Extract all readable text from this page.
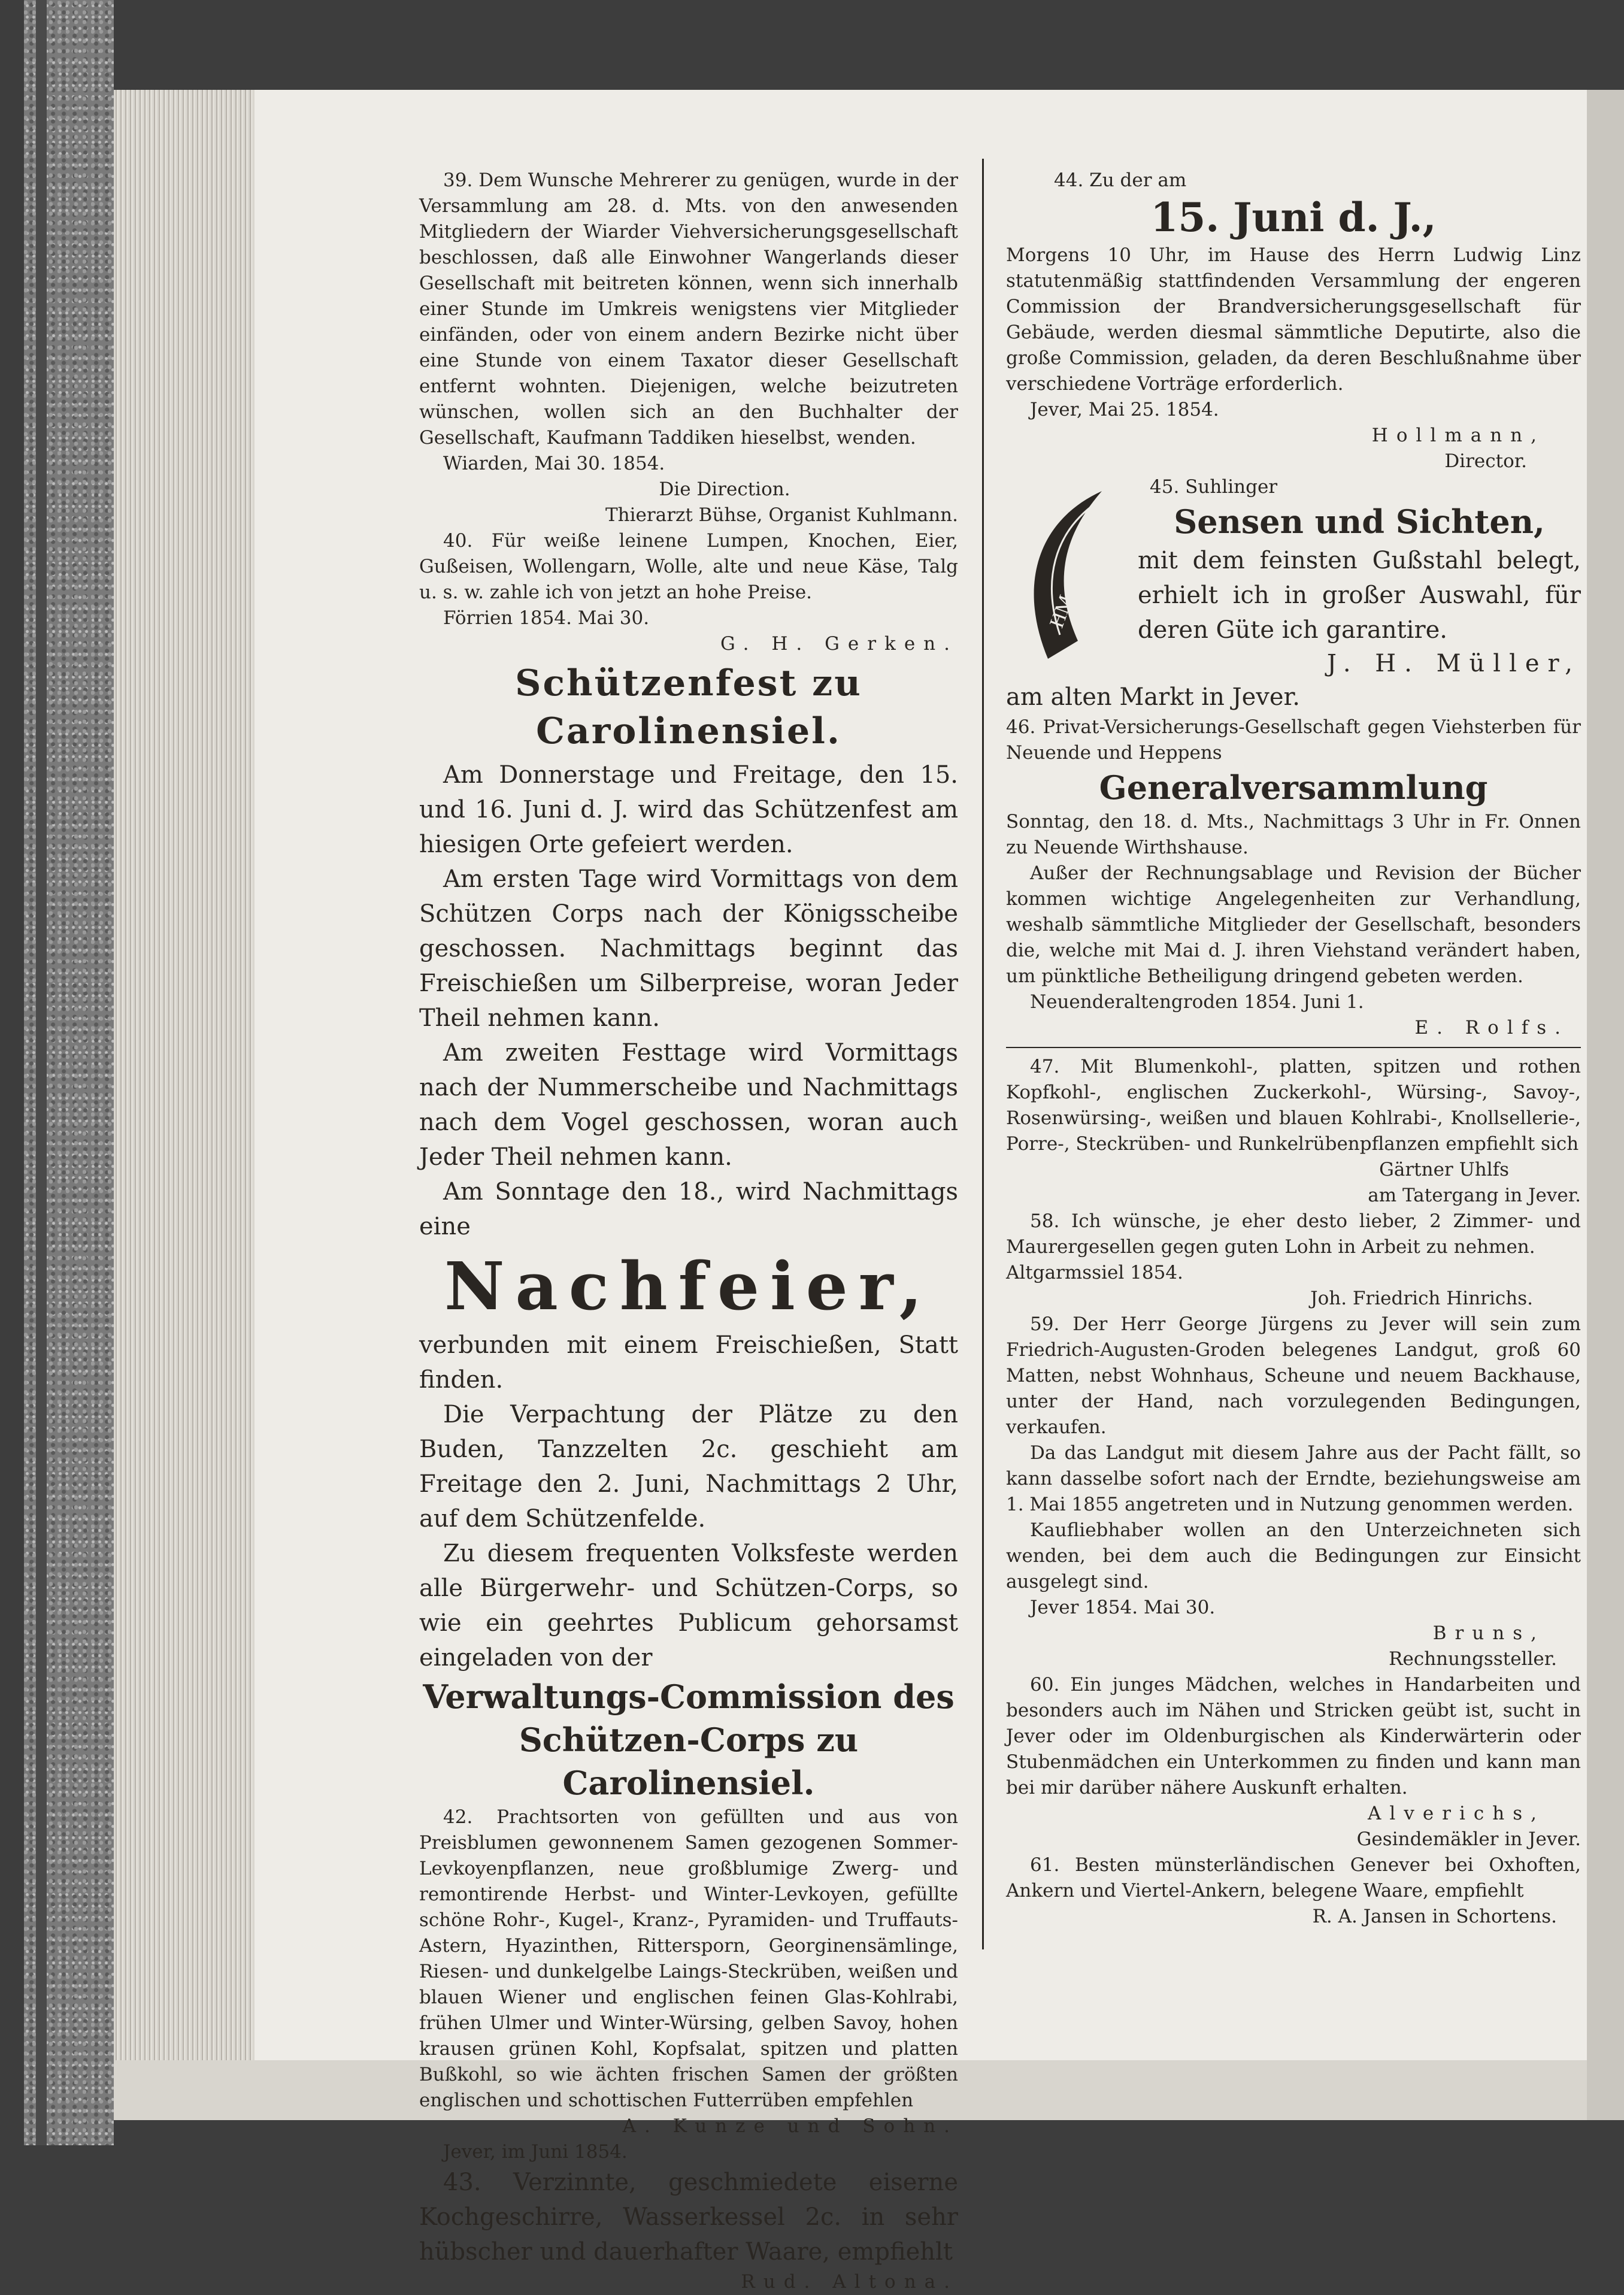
39. Dem Wunsche Mehrerer zu genügen, wurde in der Versammlung am 28. d. Mts. von den anwesenden Mitgliedern der Wiarder Viehversicherungsgesellschaft beschlossen, daß alle Einwohner Wangerlands dieser Gesellschaft mit beitreten können, wenn sich innerhalb einer Stunde im Umkreis wenigstens vier Mitglieder einfänden, oder von einem andern Bezirke nicht über eine Stunde von einem Taxator dieser Gesellschaft entfernt wohnten. Diejenigen, welche beizutreten wünschen, wollen sich an den Buchhalter der Gesellschaft, Kaufmann Taddiken hieselbst, wenden.

Wiarden, Mai 30. 1854.

Die Direction.

Thierarzt Bühse, Organist Kuhlmann.

40. Für weiße leinene Lumpen, Knochen, Eier, Gußeisen, Wollengarn, Wolle, alte und neue Käse, Talg u. s. w. zahle ich von jetzt an hohe Preise.

Förrien 1854. Mai 30.

G. H. Gerken.

Schützenfest zu Carolinensiel.

Am Donnerstage und Freitage, den 15. und 16. Juni d. J. wird das Schützenfest am hiesigen Orte gefeiert werden.

Am ersten Tage wird Vormittags von dem Schützen Corps nach der Königsscheibe geschossen. Nachmittags beginnt das Freischießen um Silberpreise, woran Jeder Theil nehmen kann.

Am zweiten Festtage wird Vormittags nach der Nummerscheibe und Nachmittags nach dem Vogel geschossen, woran auch Jeder Theil nehmen kann.

Am Sonntage den 18., wird Nachmittags eine

Nachfeier,

verbunden mit einem Freischießen, Statt finden.

Die Verpachtung der Plätze zu den Buden, Tanzzelten 2c. geschieht am Freitage den 2. Juni, Nachmittags 2 Uhr, auf dem Schützenfelde.

Zu diesem frequenten Volksfeste werden alle Bürgerwehr- und Schützen-Corps, so wie ein geehrtes Publicum gehorsamst eingeladen von der

Verwaltungs-Commission des
Schützen-Corps zu Carolinensiel.

42. Prachtsorten von gefüllten und aus von Preisblumen gewonnenem Samen gezogenen Sommer-Levkoyenpflanzen, neue großblumige Zwerg- und remontirende Herbst- und Winter-Levkoyen, gefüllte schöne Rohr-, Kugel-, Kranz-, Pyramiden- und Truffauts-Astern, Hyazinthen, Rittersporn, Georginensämlinge, Riesen- und dunkelgelbe Laings-Steckrüben, weißen und blauen Wiener und englischen feinen Glas-Kohlrabi, frühen Ulmer und Winter-Würsing, gelben Savoy, hohen krausen grünen Kohl, Kopfsalat, spitzen und platten Bußkohl, so wie ächten frischen Samen der größten englischen und schottischen Futterrüben empfehlen

A. Kunze und Sohn.

Jever, im Juni 1854.

43. Verzinnte, geschmiedete eiserne Kochgeschirre, Wasserkessel 2c. in sehr hübscher und dauerhafter Waare, empfiehlt

Rud. Altona.

HM

44. Zu der am

15. Juni d. J.,

Morgens 10 Uhr, im Hause des Herrn Ludwig Linz statutenmäßig stattfindenden Versammlung der engeren Commission der Brandversicherungsgesellschaft für Gebäude, werden diesmal sämmtliche Deputirte, also die große Commission, geladen, da deren Beschlußnahme über verschiedene Vorträge erforderlich.

Jever, Mai 25. 1854.

Hollmann,

Director.

45. Suhlinger

Sensen und Sichten,

mit dem feinsten Gußstahl belegt, erhielt ich in großer Auswahl, für deren Güte ich garantire.

J. H. Müller,

am alten Markt in Jever.

46. Privat-Versicherungs-Gesellschaft gegen Viehsterben für Neuende und Heppens

Generalversammlung

Sonntag, den 18. d. Mts., Nachmittags 3 Uhr in Fr. Onnen zu Neuende Wirthshause.

Außer der Rechnungsablage und Revision der Bücher kommen wichtige Angelegenheiten zur Verhandlung, weshalb sämmtliche Mitglieder der Gesellschaft, besonders die, welche mit Mai d. J. ihren Viehstand verändert haben, um pünktliche Betheiligung dringend gebeten werden.

Neuenderaltengroden 1854. Juni 1.

E. Rolfs.

47. Mit Blumenkohl-, platten, spitzen und rothen Kopfkohl-, englischen Zuckerkohl-, Würsing-, Savoy-, Rosenwürsing-, weißen und blauen Kohlrabi-, Knollsellerie-, Porre-, Steckrüben- und Runkelrübenpflanzen empfiehlt sich

Gärtner Uhlfs

am Tatergang in Jever.

58. Ich wünsche, je eher desto lieber, 2 Zimmer- und Maurergesellen gegen guten Lohn in Arbeit zu nehmen.

Altgarmssiel 1854.

Joh. Friedrich Hinrichs.

59. Der Herr George Jürgens zu Jever will sein zum Friedrich-Augusten-Groden belegenes Landgut, groß 60 Matten, nebst Wohnhaus, Scheune und neuem Backhause, unter der Hand, nach vorzulegenden Bedingungen, verkaufen.

Da das Landgut mit diesem Jahre aus der Pacht fällt, so kann dasselbe sofort nach der Erndte, beziehungsweise am 1. Mai 1855 angetreten und in Nutzung genommen werden.

Kaufliebhaber wollen an den Unterzeichneten sich wenden, bei dem auch die Bedingungen zur Einsicht ausgelegt sind.

Jever 1854. Mai 30.

Bruns,

Rechnungssteller.

60. Ein junges Mädchen, welches in Handarbeiten und besonders auch im Nähen und Stricken geübt ist, sucht in Jever oder im Oldenburgischen als Kinderwärterin oder Stubenmädchen ein Unterkommen zu finden und kann man bei mir darüber nähere Auskunft erhalten.

Alverichs,

Gesindemäkler in Jever.

61. Besten münsterländischen Genever bei Oxhoften, Ankern und Viertel-Ankern, belegene Waare, empfiehlt

R. A. Jansen in Schortens.
